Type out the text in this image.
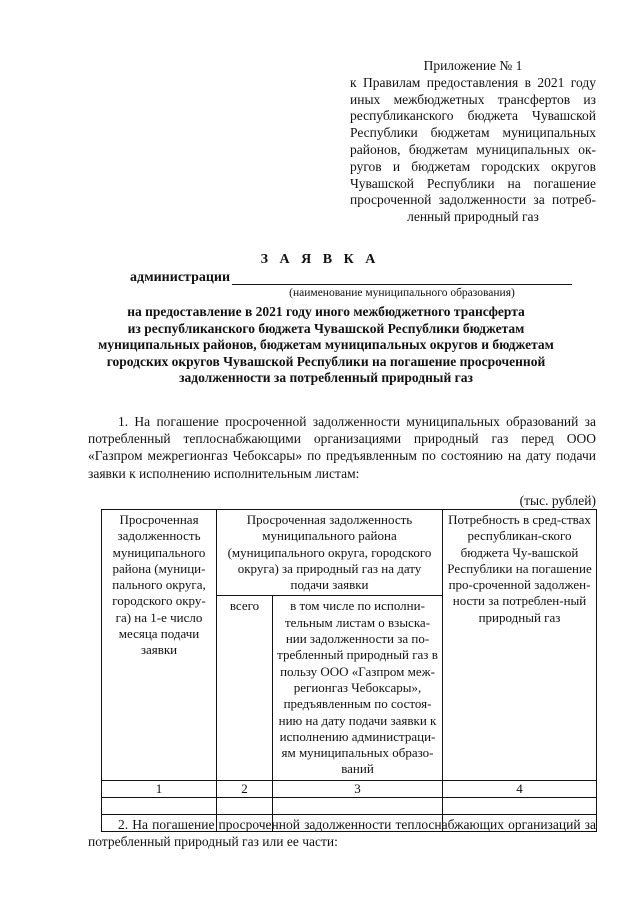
Приложение № 1
к Правилам предоставления в 2021 году
иных межбюджетных трансфертов из
республиканского бюджета Чувашской
Республики бюджетам муниципальных
районов, бюджетам муниципальных ок-
ругов и бюджетам городских округов
Чувашской Республики на погашение
просроченной задолженности за потреб-
ленный природный газ
З А Я В К А
администрации
(наименование муниципального образования)
на предоставление в 2021 году иного межбюджетного трансферта
из республиканского бюджета Чувашской Республики бюджетам
муниципальных районов, бюджетам муниципальных округов и бюджетам
городских округов Чувашской Республики на погашение просроченной
задолженности за потребленный природный газ
1. На погашение просроченной задолженности муниципальных образований за потребленный теплоснабжающими организациями природный газ перед ООО «Газпром межрегионгаз Чебоксары» по предъявленным по состоянию на дату подачи заявки к исполнению исполнительным листам:
(тыс. рублей)
Просроченная задолженность муниципального района (муници-пального округа, городского окру-га) на 1-е число месяца подачи заявки	Просроченная задолженность муниципального района (муниципального округа, городского округа) за природный газ на дату подачи заявки		Потребность в сред-ствах республикан-ского бюджета Чу-вашской Республики на погашение про-сроченной задолжен-ности за потреблен-ный природный газ
	всего	в том числе по исполни-тельным листам о взыска-нии задолженности за по-требленный природный газ в пользу ООО «Газпром меж-регионгаз Чебоксары», предъявленным по состоя-нию на дату подачи заявки к исполнению администраци-ям муниципальных образо-ваний	
1	2	3	4

2. На погашение просроченной задолженности теплоснабжающих организаций за потребленный природный газ или ее части:
